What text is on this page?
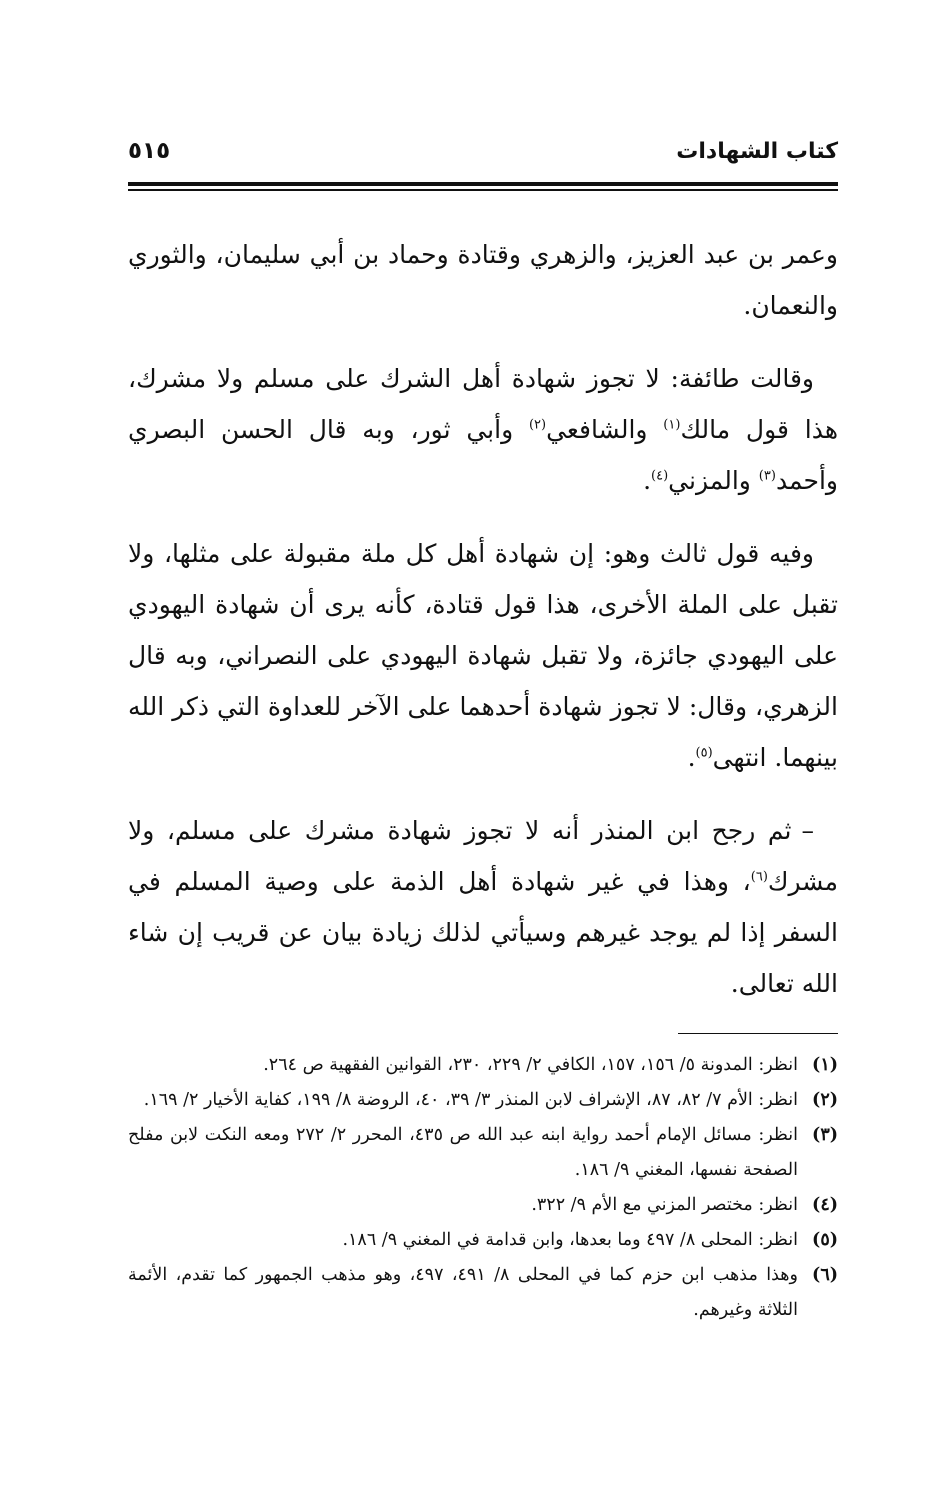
كتاب الشهادات
٥١٥

وعمر بن عبد العزيز، والزهري وقتادة وحماد بن أبي سليمان، والثوري والنعمان.

وقالت طائفة: لا تجوز شهادة أهل الشرك على مسلم ولا مشرك، هذا قول مالك$^{(١)}$ والشافعي$^{(٢)}$ وأبي ثور، وبه قال الحسن البصري وأحمد$^{(٣)}$ والمزني$^{(٤)}$.

وفيه قول ثالث وهو: إن شهادة أهل كل ملة مقبولة على مثلها، ولا تقبل على الملة الأخرى، هذا قول قتادة، كأنه يرى أن شهادة اليهودي على اليهودي جائزة، ولا تقبل شهادة اليهودي على النصراني، وبه قال الزهري، وقال: لا تجوز شهادة أحدهما على الآخر للعداوة التي ذكر الله بينهما. انتهى$^{(٥)}$.

–ثم رجح ابن المنذر أنه لا تجوز شهادة مشرك على مسلم، ولا مشرك$^{(٦)}$، وهذا في غير شهادة أهل الذمة على وصية المسلم في السفر إذا لم يوجد غيرهم وسيأتي لذلك زيادة بيان عن قريب إن شاء الله تعالى.

(١)
انظر: المدونة ٥/ ١٥٦، ١٥٧، الكافي ٢/ ٢٢٩، ٢٣٠، القوانين الفقهية ص ٢٦٤.
(٢)
انظر: الأم ٧/ ٨٢، ٨٧، الإشراف لابن المنذر ٣/ ٣٩، ٤٠، الروضة ٨/ ١٩٩، كفاية الأخيار ٢/ ١٦٩.
(٣)
انظر: مسائل الإمام أحمد رواية ابنه عبد الله ص ٤٣٥، المحرر ٢/ ٢٧٢ ومعه النكت لابن مفلح الصفحة نفسها، المغني ٩/ ١٨٦.
(٤)
انظر: مختصر المزني مع الأم ٩/ ٣٢٢.
(٥)
انظر: المحلى ٨/ ٤٩٧ وما بعدها، وابن قدامة في المغني ٩/ ١٨٦.
(٦)
وهذا مذهب ابن حزم كما في المحلى ٨/ ٤٩١، ٤٩٧، وهو مذهب الجمهور كما تقدم، الأئمة الثلاثة وغيرهم.
